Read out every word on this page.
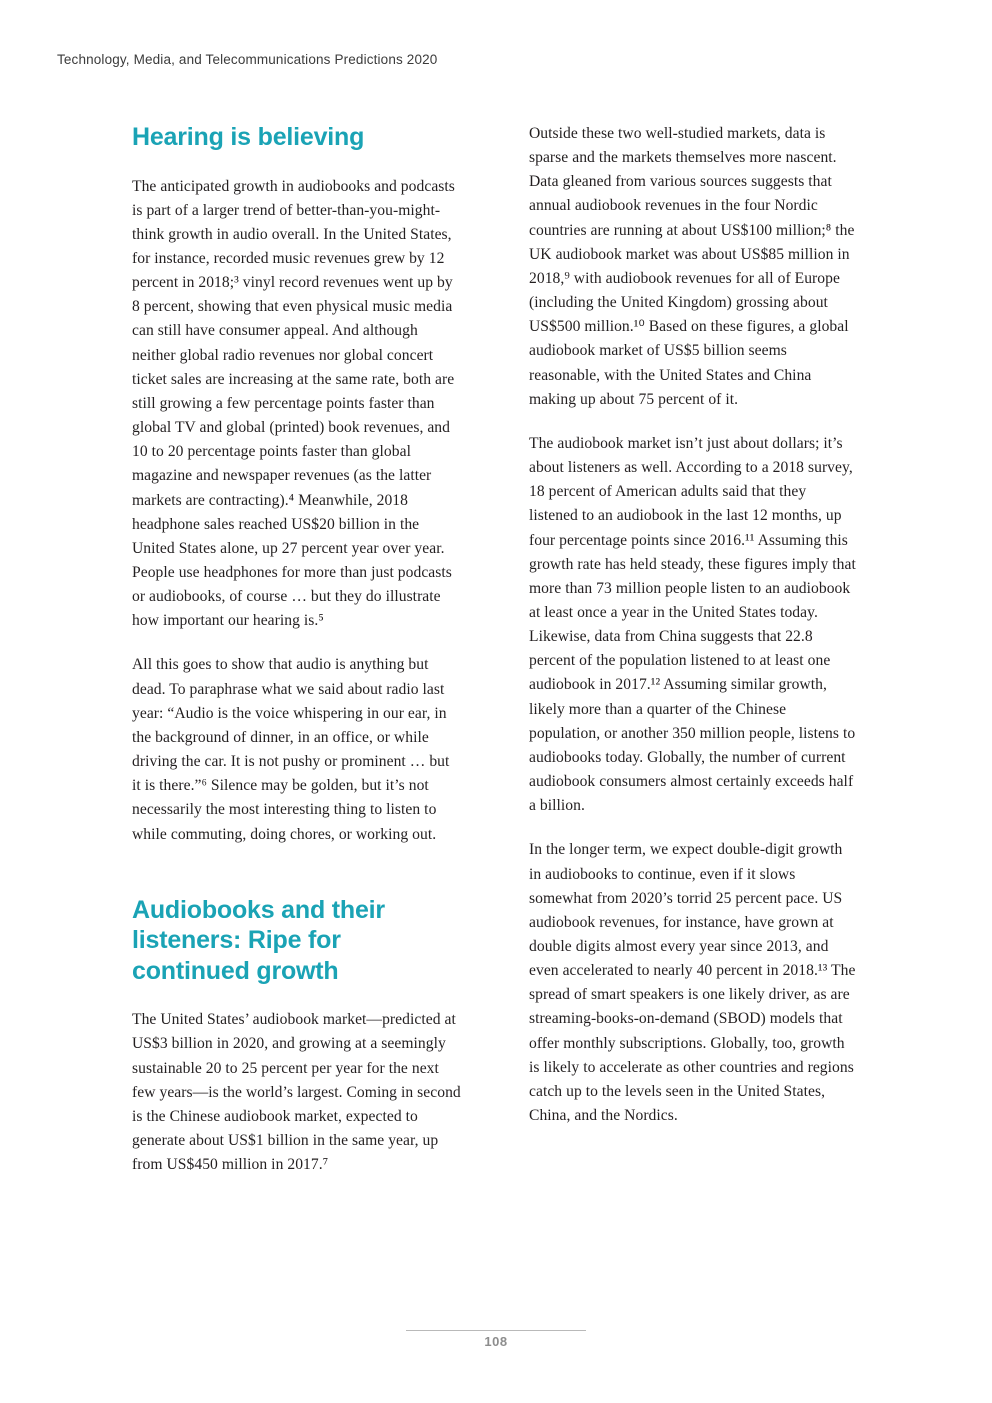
Technology, Media, and Telecommunications Predictions 2020
Hearing is believing

The anticipated growth in audiobooks and podcasts is part of a larger trend of better-than-you-might-think growth in audio overall. In the United States, for instance, recorded music revenues grew by 12 percent in 2018;³ vinyl record revenues went up by 8 percent, showing that even physical music media can still have consumer appeal. And although neither global radio revenues nor global concert ticket sales are increasing at the same rate, both are still growing a few percentage points faster than global TV and global (printed) book revenues, and 10 to 20 percentage points faster than global magazine and newspaper revenues (as the latter markets are contracting).⁴ Meanwhile, 2018 headphone sales reached US$20 billion in the United States alone, up 27 percent year over year. People use headphones for more than just podcasts or audiobooks, of course … but they do illustrate how important our hearing is.⁵

All this goes to show that audio is anything but dead. To paraphrase what we said about radio last year: “Audio is the voice whispering in our ear, in the background of dinner, in an office, or while driving the car. It is not pushy or prominent … but it is there.”⁶ Silence may be golden, but it’s not necessarily the most interesting thing to listen to while commuting, doing chores, or working out.

Audiobooks and their listeners: Ripe for continued growth

The United States’ audiobook market—predicted at US$3 billion in 2020, and growing at a seemingly sustainable 20 to 25 percent per year for the next few years—is the world’s largest. Coming in second is the Chinese audiobook market, expected to generate about US$1 billion in the same year, up from US$450 million in 2017.⁷

Outside these two well-studied markets, data is sparse and the markets themselves more nascent. Data gleaned from various sources suggests that annual audiobook revenues in the four Nordic countries are running at about US$100 million;⁸ the UK audiobook market was about US$85 million in 2018,⁹ with audiobook revenues for all of Europe (including the United Kingdom) grossing about US$500 million.¹⁰ Based on these figures, a global audiobook market of US$5 billion seems reasonable, with the United States and China making up about 75 percent of it.

The audiobook market isn’t just about dollars; it’s about listeners as well. According to a 2018 survey, 18 percent of American adults said that they listened to an audiobook in the last 12 months, up four percentage points since 2016.¹¹ Assuming this growth rate has held steady, these figures imply that more than 73 million people listen to an audiobook at least once a year in the United States today. Likewise, data from China suggests that 22.8 percent of the population listened to at least one audiobook in 2017.¹² Assuming similar growth, likely more than a quarter of the Chinese population, or another 350 million people, listens to audiobooks today. Globally, the number of current audiobook consumers almost certainly exceeds half a billion.

In the longer term, we expect double-digit growth in audiobooks to continue, even if it slows somewhat from 2020’s torrid 25 percent pace. US audiobook revenues, for instance, have grown at double digits almost every year since 2013, and even accelerated to nearly 40 percent in 2018.¹³ The spread of smart speakers is one likely driver, as are streaming-books-on-demand (SBOD) models that offer monthly subscriptions. Globally, too, growth is likely to accelerate as other countries and regions catch up to the levels seen in the United States, China, and the Nordics.

108
